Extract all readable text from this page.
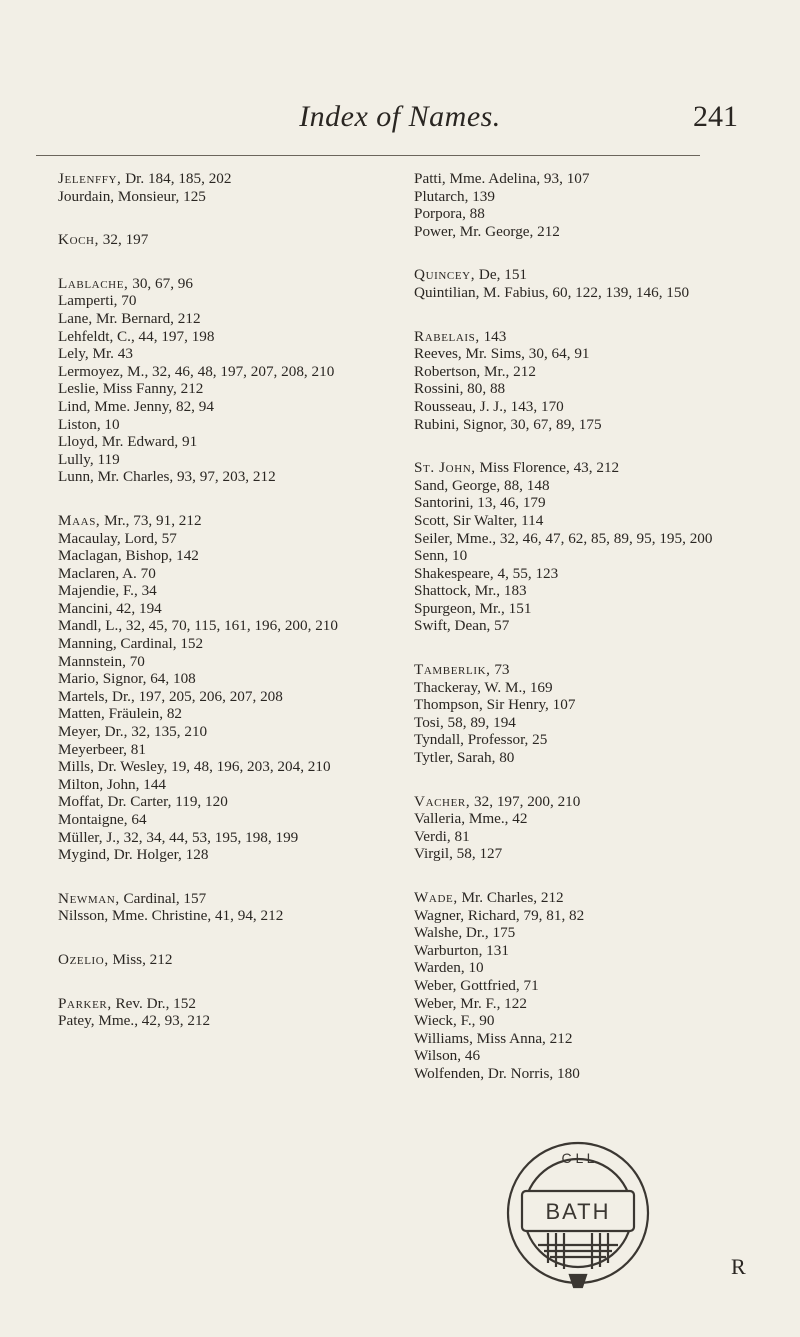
Index of Names.	241
Jelenffy, Dr. 184, 185, 202
Jourdain, Monsieur, 125
Koch, 32, 197
Lablache, 30, 67, 96
Lamperti, 70
Lane, Mr. Bernard, 212
Lehfeldt, C., 44, 197, 198
Lely, Mr. 43
Lermoyez, M., 32, 46, 48, 197, 207, 208, 210
Leslie, Miss Fanny, 212
Lind, Mme. Jenny, 82, 94
Liston, 10
Lloyd, Mr. Edward, 91
Lully, 119
Lunn, Mr. Charles, 93, 97, 203, 212
Maas, Mr., 73, 91, 212
Macaulay, Lord, 57
Maclagan, Bishop, 142
Maclaren, A. 70
Majendie, F., 34
Mancini, 42, 194
Mandl, L., 32, 45, 70, 115, 161, 196, 200, 210
Manning, Cardinal, 152
Mannstein, 70
Mario, Signor, 64, 108
Martels, Dr., 197, 205, 206, 207, 208
Matten, Fräulein, 82
Meyer, Dr., 32, 135, 210
Meyerbeer, 81
Mills, Dr. Wesley, 19, 48, 196, 203, 204, 210
Milton, John, 144
Moffat, Dr. Carter, 119, 120
Montaigne, 64
Müller, J., 32, 34, 44, 53, 195, 198, 199
Mygind, Dr. Holger, 128
Newman, Cardinal, 157
Nilsson, Mme. Christine, 41, 94, 212
Ozelio, Miss, 212
Parker, Rev. Dr., 152
Patey, Mme., 42, 93, 212
Patti, Mme. Adelina, 93, 107
Plutarch, 139
Porpora, 88
Power, Mr. George, 212
Quincey, De, 151
Quintilian, M. Fabius, 60, 122, 139, 146, 150
Rabelais, 143
Reeves, Mr. Sims, 30, 64, 91
Robertson, Mr., 212
Rossini, 80, 88
Rousseau, J. J., 143, 170
Rubini, Signor, 30, 67, 89, 175
St. John, Miss Florence, 43, 212
Sand, George, 88, 148
Santorini, 13, 46, 179
Scott, Sir Walter, 114
Seiler, Mme., 32, 46, 47, 62, 85, 89, 95, 195, 200
Senn, 10
Shakespeare, 4, 55, 123
Shattock, Mr., 183
Spurgeon, Mr., 151
Swift, Dean, 57
Tamberlik, 73
Thackeray, W. M., 169
Thompson, Sir Henry, 107
Tosi, 58, 89, 194
Tyndall, Professor, 25
Tytler, Sarah, 80
Vacher, 32, 197, 200, 210
Valleria, Mme., 42
Verdi, 81
Virgil, 58, 127
Wade, Mr. Charles, 212
Wagner, Richard, 79, 81, 82
Walshe, Dr., 175
Warburton, 131
Warden, 10
Weber, Gottfried, 71
Weber, Mr. F., 122
Wieck, F., 90
Williams, Miss Anna, 212
Wilson, 46
Wolfenden, Dr. Norris, 180
C L L
BATH
R
